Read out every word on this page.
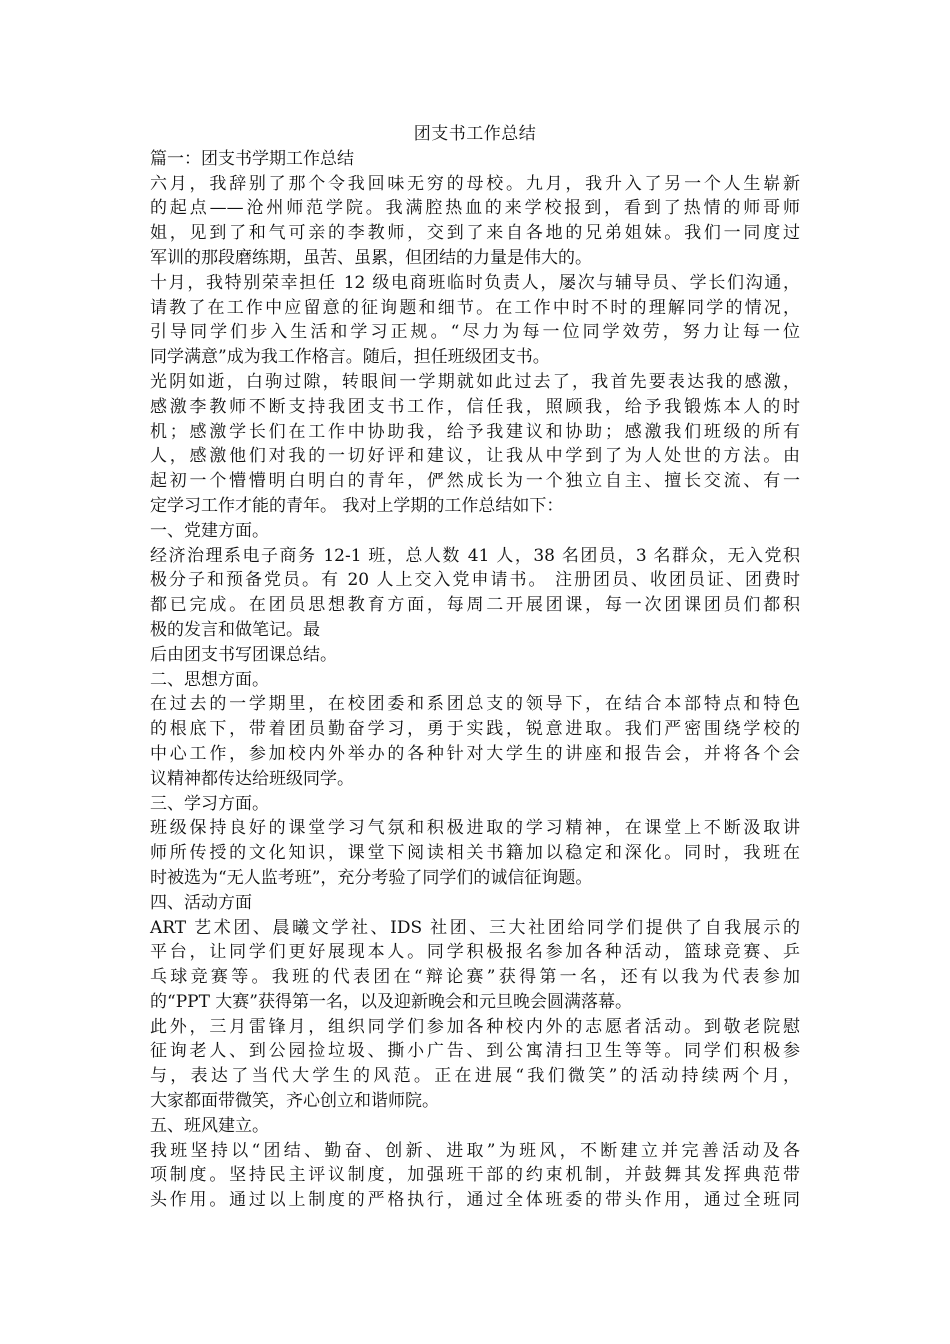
团支书工作总结
篇一：团支书学期工作总结
六月，我辞别了那个令我回味无穷的母校。九月，我升入了另一个人生崭新
的起点——沧州师范学院。我满腔热血的来学校报到，看到了热情的师哥师
姐，见到了和气可亲的李教师，交到了来自各地的兄弟姐妹。我们一同度过
军训的那段磨练期，虽苦、虽累，但团结的力量是伟大的。
十月，我特别荣幸担任 12 级电商班临时负责人，屡次与辅导员、学长们沟通，
请教了在工作中应留意的征询题和细节。在工作中时不时的理解同学的情况，
引导同学们步入生活和学习正规。“尽力为每一位同学效劳，努力让每一位
同学满意”成为我工作格言。随后，担任班级团支书。
光阴如逝，白驹过隙，转眼间一学期就如此过去了，我首先要表达我的感激，
感激李教师不断支持我团支书工作，信任我，照顾我，给予我锻炼本人的时
机；感激学长们在工作中协助我，给予我建议和协助；感激我们班级的所有
人，感激他们对我的一切好评和建议，让我从中学到了为人处世的方法。由
起初一个懵懵明白明白的青年，俨然成长为一个独立自主、擅长交流、有一
定学习工作才能的青年。 我对上学期的工作总结如下：
一、党建方面。
经济治理系电子商务 12-1 班，总人数 41 人，38 名团员，3 名群众，无入党积
极分子和预备党员。有 20 人上交入党申请书。 注册团员、收团员证、团费时
都已完成。在团员思想教育方面，每周二开展团课，每一次团课团员们都积
极的发言和做笔记。最
后由团支书写团课总结。
二、思想方面。
在过去的一学期里，在校团委和系团总支的领导下，在结合本部特点和特色
的根底下，带着团员勤奋学习，勇于实践，锐意进取。我们严密围绕学校的
中心工作，参加校内外举办的各种针对大学生的讲座和报告会，并将各个会
议精神都传达给班级同学。
三、学习方面。
班级保持良好的课堂学习气氛和积极进取的学习精神，在课堂上不断汲取讲
师所传授的文化知识，课堂下阅读相关书籍加以稳定和深化。同时，我班在
时被选为“无人监考班”，充分考验了同学们的诚信征询题。
四、活动方面
ART 艺术团、晨曦文学社、IDS 社团、三大社团给同学们提供了自我展示的
平台，让同学们更好展现本人。同学积极报名参加各种活动，篮球竞赛、乒
乓球竞赛等。我班的代表团在“辩论赛”获得第一名，还有以我为代表参加
的“PPT 大赛”获得第一名，以及迎新晚会和元旦晚会圆满落幕。
此外，三月雷锋月，组织同学们参加各种校内外的志愿者活动。到敬老院慰
征询老人、到公园捡垃圾、撕小广告、到公寓清扫卫生等等。同学们积极参
与，表达了当代大学生的风范。正在进展“我们微笑”的活动持续两个月，
大家都面带微笑，齐心创立和谐师院。
五、班风建立。
我班坚持以“团结、勤奋、创新、进取”为班风，不断建立并完善活动及各
项制度。坚持民主评议制度，加强班干部的约束机制，并鼓舞其发挥典范带
头作用。通过以上制度的严格执行，通过全体班委的带头作用，通过全班同
